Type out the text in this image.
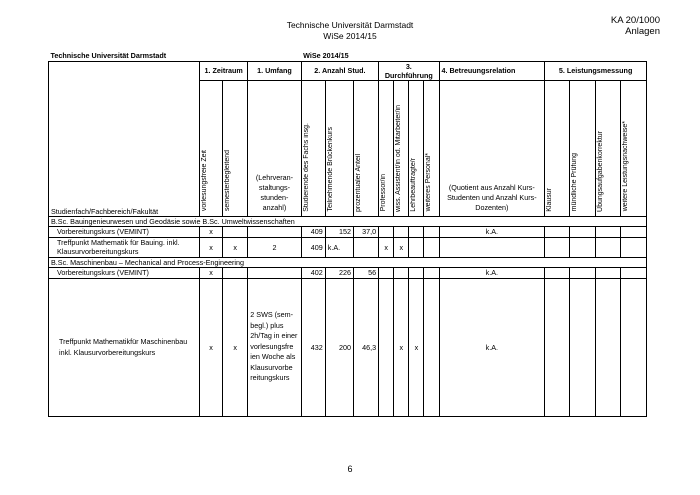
Technische Universität Darmstadt
WiSe 2014/15
KA 20/1000
Anlagen
Technische Universität Darmstadt				WiSe 2014/15											
Studienfach/Fachbereich/Fakultät	1. Zeitraum		1. Umfang	2. Anzahl Stud.			3. Durchführung				4. Betreuungsrelation	5. Leistungsmessung			
	vorlesungsfreie Zeit	semesterbegleitend	(Lehrveran-staltungs-stunden-anzahl)	Studierende des Fachs insg.	Teilnehmende Brückenkurs	prozentualer Anteil	Professor/in	wiss. Assistent/in od. Mitarbeiter/in	Lehrbeauftragte/r	weiteres Personal*	(Quotient aus Anzahl Kurs-Studenten und Anzahl Kurs-Dozenten)	Klausur	mündliche Prüfung	Übungsaufgabenkorrektur	weitere Leistungsnachweise*
B.Sc. Bauingenieurwesen und Geodäsie sowie B.Sc. Umweltwissenschaften															
Vorbereitungskurs (VEMINT)	x			409	152	37,0					k.A.				
Treffpunkt Mathematik für Bauing. inkl. Klausurvorbereitungskurs	x	x	2	409	k.A.		x	x							
B.Sc. Maschinenbau – Mechanical and Process-Engineering															
Vorbereitungskurs (VEMINT)	x			402	226	56					k.A.				
Treffpunkt Mathematikfür Maschinenbau inkl. Klausurvorbereitungskurs	x	x	2 SWS (sem-begl.) plus 2h/Tag in einer vorlesungsfre ien Woche als Klausurvorbe reitungskurs	432	200	46,3		x	x		k.A.				
6
